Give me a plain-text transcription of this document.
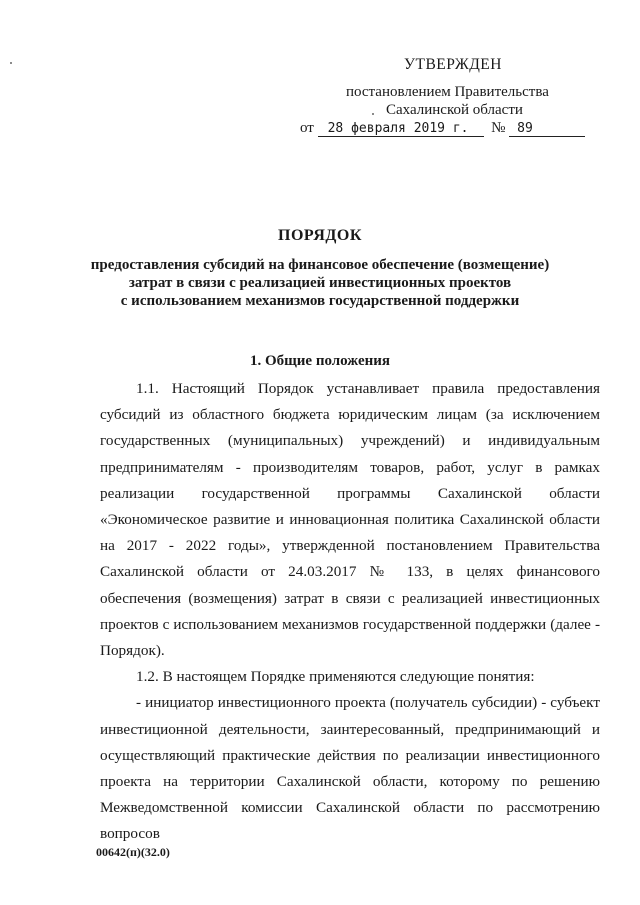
УТВЕРЖДЕН
постановлением Правительства
Сахалинской области
от 28 февраля 2019 г. № 89
ПОРЯДОК
предоставления субсидий на финансовое обеспечение (возмещение)
затрат в связи с реализацией инвестиционных проектов
с использованием механизмов государственной поддержки
1. Общие положения

1.1. Настоящий Порядок устанавливает правила предоставления субсидий из областного бюджета юридическим лицам (за исключением государственных (муниципальных) учреждений) и индивидуальным предпринимателям - производителям товаров, работ, услуг в рамках реализации государственной программы Сахалинской области «Экономическое развитие и инновационная политика Сахалинской области на 2017 - 2022 годы», утвержденной постановлением Правительства Сахалинской области от 24.03.2017 № 133, в целях финансового обеспечения (возмещения) затрат в связи с реализацией инвестиционных проектов с использованием механизмов государственной поддержки (далее - Порядок).

1.2. В настоящем Порядке применяются следующие понятия:

- инициатор инвестиционного проекта (получатель субсидии) - субъект инвестиционной деятельности, заинтересованный, предпринимающий и осуществляющий практические действия по реализации инвестиционного проекта на территории Сахалинской области, которому по решению Межведомственной комиссии Сахалинской области по рассмотрению вопросов

00642(п)(32.0)
